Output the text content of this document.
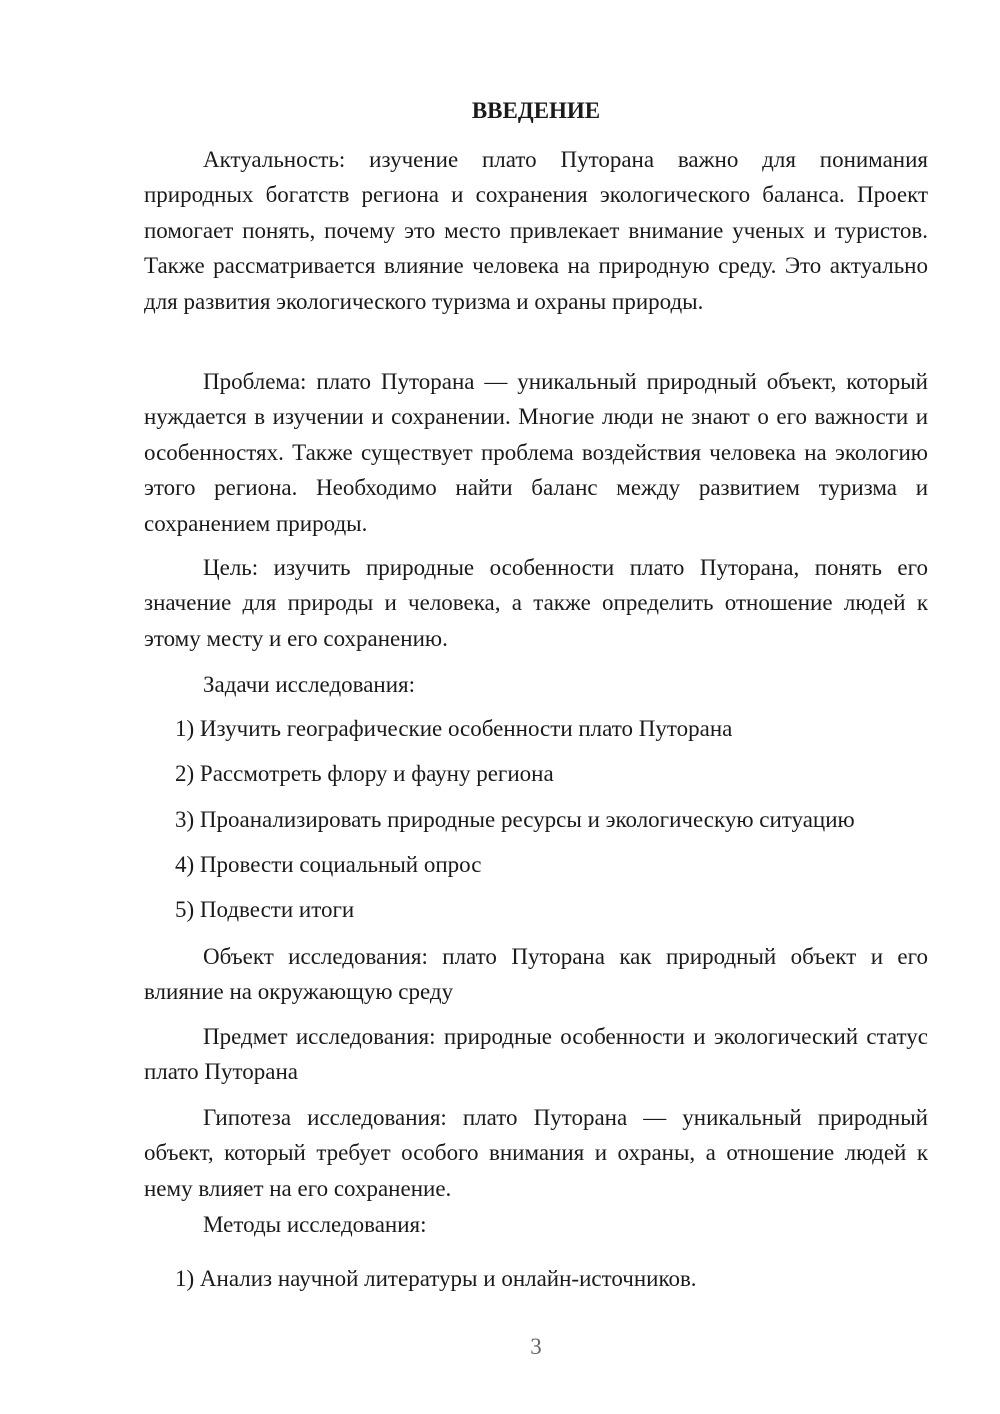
ВВЕДЕНИЕ

Актуальность: изучение плато Путорана важно для понимания природных богатств региона и сохранения экологического баланса. Проект помогает понять, почему это место привлекает внимание ученых и туристов. Также рассматривается влияние человека на природную среду. Это актуально для развития экологического туризма и охраны природы.

Проблема: плато Путорана — уникальный природный объект, который нуждается в изучении и сохранении. Многие люди не знают о его важности и особенностях. Также существует проблема воздействия человека на экологию этого региона. Необходимо найти баланс между развитием туризма и сохранением природы.

Цель: изучить природные особенности плато Путорана, понять его значение для природы и человека, а также определить отношение людей к этому месту и его сохранению.

Задачи исследования:

1) Изучить географические особенности плато Путорана

2) Рассмотреть флору и фауну региона

3) Проанализировать природные ресурсы и экологическую ситуацию

4) Провести социальный опрос

5) Подвести итоги

Объект исследования: плато Путорана как природный объект и его влияние на окружающую среду

Предмет исследования: природные особенности и экологический статус плато Путорана

Гипотеза исследования: плато Путорана — уникальный природный объект, который требует особого внимания и охраны, а отношение людей к нему влияет на его сохранение.

Методы исследования:

1) Анализ научной литературы и онлайн-источников.

3
